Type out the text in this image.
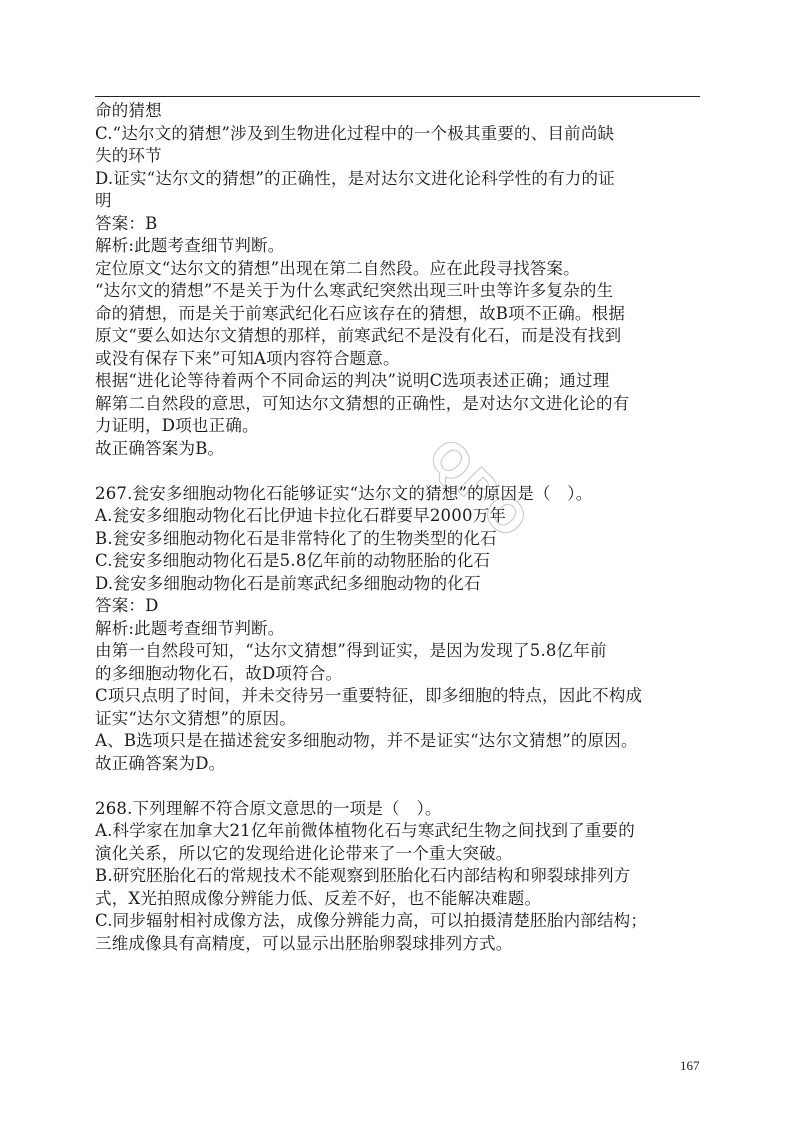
QPO
命的猜想
C.“达尔文的猜想”涉及到生物进化过程中的一个极其重要的、目前尚缺
失的环节
D.证实“达尔文的猜想”的正确性，是对达尔文进化论科学性的有力的证
明
答案：B
解析:此题考查细节判断。
定位原文“达尔文的猜想”出现在第二自然段。应在此段寻找答案。
“达尔文的猜想”不是关于为什么寒武纪突然出现三叶虫等许多复杂的生
命的猜想，而是关于前寒武纪化石应该存在的猜想，故B项不正确。根据
原文“要么如达尔文猜想的那样，前寒武纪不是没有化石，而是没有找到
或没有保存下来”可知A项内容符合题意。
根据“进化论等待着两个不同命运的判决”说明C选项表述正确；通过理
解第二自然段的意思，可知达尔文猜想的正确性，是对达尔文进化论的有
力证明，D项也正确。
故正确答案为B。
267.瓮安多细胞动物化石能够证实“达尔文的猜想”的原因是（　）。
A.瓮安多细胞动物化石比伊迪卡拉化石群要早2000万年
B.瓮安多细胞动物化石是非常特化了的生物类型的化石
C.瓮安多细胞动物化石是5.8亿年前的动物胚胎的化石
D.瓮安多细胞动物化石是前寒武纪多细胞动物的化石
答案：D
解析:此题考查细节判断。
由第一自然段可知，“达尔文猜想”得到证实，是因为发现了5.8亿年前
的多细胞动物化石，故D项符合。
C项只点明了时间，并未交待另一重要特征，即多细胞的特点，因此不构成
证实“达尔文猜想”的原因。
A、B选项只是在描述瓮安多细胞动物，并不是证实“达尔文猜想”的原因。
故正确答案为D。
268.下列理解不符合原文意思的一项是（　）。
A.科学家在加拿大21亿年前微体植物化石与寒武纪生物之间找到了重要的
演化关系，所以它的发现给进化论带来了一个重大突破。
B.研究胚胎化石的常规技术不能观察到胚胎化石内部结构和卵裂球排列方
式，X光拍照成像分辨能力低、反差不好，也不能解决难题。
C.同步辐射相衬成像方法，成像分辨能力高，可以拍摄清楚胚胎内部结构；
三维成像具有高精度，可以显示出胚胎卵裂球排列方式。
167
